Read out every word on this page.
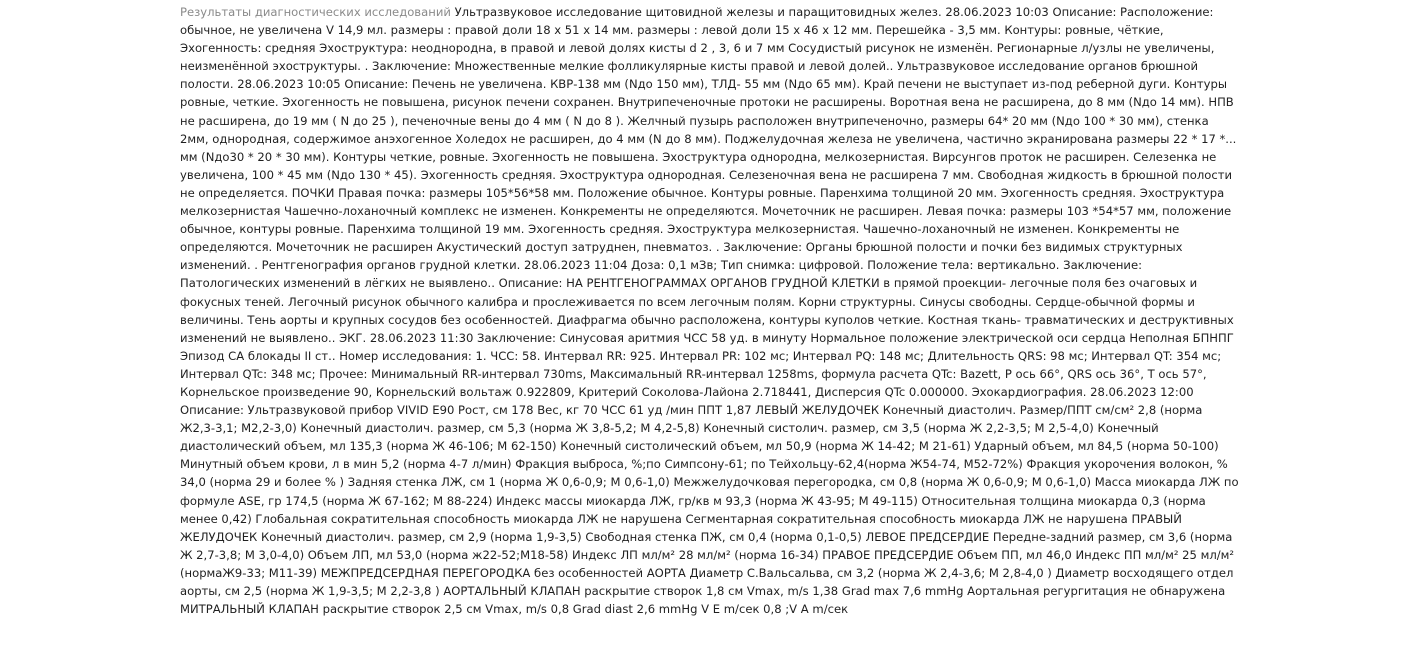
Результаты диагностических исследований Ультразвуковое исследование щитовидной железы и паращитовидных желез. 28.06.2023 10:03 Описание: Расположение: обычное, не увеличена V 14,9 мл. размеры : правой доли 18 х 51 х 14 мм. размеры : левой доли 15 х 46 х 12 мм. Перешейка - 3,5 мм. Контуры: ровные, чёткие, Эхогенность: средняя Эхоструктура: неоднородна, в правой и левой долях кисты d 2 , 3, 6 и 7 мм Сосудистый рисунок не изменён. Регионарные л/узлы не увеличены, неизменённой эхоструктуры. . Заключение: Множественные мелкие фолликулярные кисты правой и левой долей.. Ультразвуковое исследование органов брюшной полости. 28.06.2023 10:05 Описание: Печень не увеличена. КВР-138 мм (Nдо 150 мм), ТЛД- 55 мм (Nдо 65 мм). Край печени не выступает из-под реберной дуги. Контуры ровные, четкие. Эхогенность не повышена, рисунок печени сохранен. Внутрипеченочные протоки не расширены. Воротная вена не расширена, до 8 мм (Nдо 14 мм). НПВ не расширена, до 19 мм ( N до 25 ), печеночные вены до 4 мм ( N до 8 ). Желчный пузырь расположен внутрипеченочно, размеры 64* 20 мм (Nдо 100 * 30 мм), стенка 2мм, однородная, содержимое анэхогенное Холедох не расширен, до 4 мм (N до 8 мм). Поджелудочная железа не увеличена, частично экранирована размеры 22 * 17 *... мм (Nдо30 * 20 * 30 мм). Контуры четкие, ровные. Эхогенность не повышена. Эхоструктура однородна, мелкозернистая. Вирсунгов проток не расширен. Селезенка не увеличена, 100 * 45 мм (Nдо 130 * 45). Эхогенность средняя. Эхоструктура однородная. Селезеночная вена не расширена 7 мм. Свободная жидкость в брюшной полости не определяется. ПОЧКИ Правая почка: размеры 105*56*58 мм. Положение обычное. Контуры ровные. Паренхима толщиной 20 мм. Эхогенность средняя. Эхоструктура мелкозернистая Чашечно-лоханочный комплекс не изменен. Конкременты не определяются. Мочеточник не расширен. Левая почка: размеры 103 *54*57 мм, положение обычное, контуры ровные. Паренхима толщиной 19 мм. Эхогенность средняя. Эхоструктура мелкозернистая. Чашечно-лоханочный не изменен. Конкременты не определяются. Мочеточник не расширен Акустический доступ затруднен, пневматоз. . Заключение: Органы брюшной полости и почки без видимых структурных изменений. . Рентгенография органов грудной клетки. 28.06.2023 11:04 Доза: 0,1 мЗв; Тип снимка: цифровой. Положение тела: вертикально. Заключение: Патологических изменений в лёгких не выявлено.. Описание: НА РЕНТГЕНОГРАММАХ ОРГАНОВ ГРУДНОЙ КЛЕТКИ в прямой проекции- легочные поля без очаговых и фокусных теней. Легочный рисунок обычного калибра и прослеживается по всем легочным полям. Корни структурны. Синусы свободны. Сердце-обычной формы и величины. Тень аорты и крупных сосудов без особенностей. Диафрагма обычно расположена, контуры куполов четкие. Костная ткань- травматических и деструктивных изменений не выявлено.. ЭКГ. 28.06.2023 11:30 Заключение: Синусовая аритмия ЧСС 58 уд. в минуту Нормальное положение электрической оси сердца Неполная БПНПГ Эпизод СА блокады II ст.. Номер исследования: 1. ЧСС: 58. Интервал RR: 925. Интервал PR: 102 мс; Интервал PQ: 148 мс; Длительность QRS: 98 мс; Интервал QT: 354 мс; Интервал QTc: 348 мс; Прочее: Минимальный RR-интервал 730ms, Максимальный RR-интервал 1258ms, формула расчета QTc: Bazett, P ось 66°, QRS ось 36°, T ось 57°, Корнельское произведение 90, Корнельский вольтаж 0.922809, Критерий Соколова-Лайона 2.718441, Дисперсия QTc 0.000000. Эхокардиография. 28.06.2023 12:00 Описание: Ультразвуковой прибор VIVID E90 Рост, см 178 Вес, кг 70 ЧСС 61 уд /мин ППТ 1,87 ЛЕВЫЙ ЖЕЛУДОЧЕК Конечный диастолич. Размер/ППТ см/см² 2,8 (норма Ж2,3-3,1; М2,2-3,0) Конечный диастолич. размер, см 5,3 (норма Ж 3,8-5,2; М 4,2-5,8) Конечный систолич. размер, см 3,5 (норма Ж 2,2-3,5; М 2,5-4,0) Конечный диастолический объем, мл 135,3 (норма Ж 46-106; М 62-150) Конечный систолический объем, мл 50,9 (норма Ж 14-42; М 21-61) Ударный объем, мл 84,5 (норма 50-100) Минутный объем крови, л в мин 5,2 (норма 4-7 л/мин) Фракция выброса, %;по Симпсону-61; по Тейхольцу-62,4(норма Ж54-74, М52-72%) Фракция укорочения волокон, % 34,0 (норма 29 и более % ) Задняя стенка ЛЖ, см 1 (норма Ж 0,6-0,9; М 0,6-1,0) Межжелудочковая перегородка, см 0,8 (норма Ж 0,6-0,9; М 0,6-1,0) Масса миокарда ЛЖ по формуле ASE, гр 174,5 (норма Ж 67-162; М 88-224) Индекс массы миокарда ЛЖ, гр/кв м 93,3 (норма Ж 43-95; М 49-115) Относительная толщина миокарда 0,3 (норма менее 0,42) Глобальная сократительная способность миокарда ЛЖ не нарушена Сегментарная сократительная способность миокарда ЛЖ не нарушена ПРАВЫЙ ЖЕЛУДОЧЕК Конечный диастолич. размер, см 2,9 (норма 1,9-3,5) Свободная стенка ПЖ, см 0,4 (норма 0,1-0,5) ЛЕВОЕ ПРЕДСЕРДИЕ Передне-задний размер, см 3,6 (норма Ж 2,7-3,8; М 3,0-4,0) Объем ЛП, мл 53,0 (норма ж22-52;М18-58) Индекс ЛП мл/м² 28 мл/м² (норма 16-34) ПРАВОЕ ПРЕДСЕРДИЕ Объем ПП, мл 46,0 Индекс ПП мл/м² 25 мл/м² (нормаЖ9-33; М11-39) МЕЖПРЕДСЕРДНАЯ ПЕРЕГОРОДКА без особенностей АОРТА Диаметр С.Вальсальва, см 3,2 (норма Ж 2,4-3,6; М 2,8-4,0 ) Диаметр восходящего отдел аорты, см 2,5 (норма Ж 1,9-3,5; М 2,2-3,8 ) АОРТАЛЬНЫЙ КЛАПАН раскрытие створок 1,8 см Vmax, m/s 1,38 Grad max 7,6 mmHg Аортальная регургитация не обнаружена МИТРАЛЬНЫЙ КЛАПАН раскрытие створок 2,5 см Vmax, m/s 0,8 Grad diast 2,6 mmHg V E m/сек 0,8 ;V A m/сек
